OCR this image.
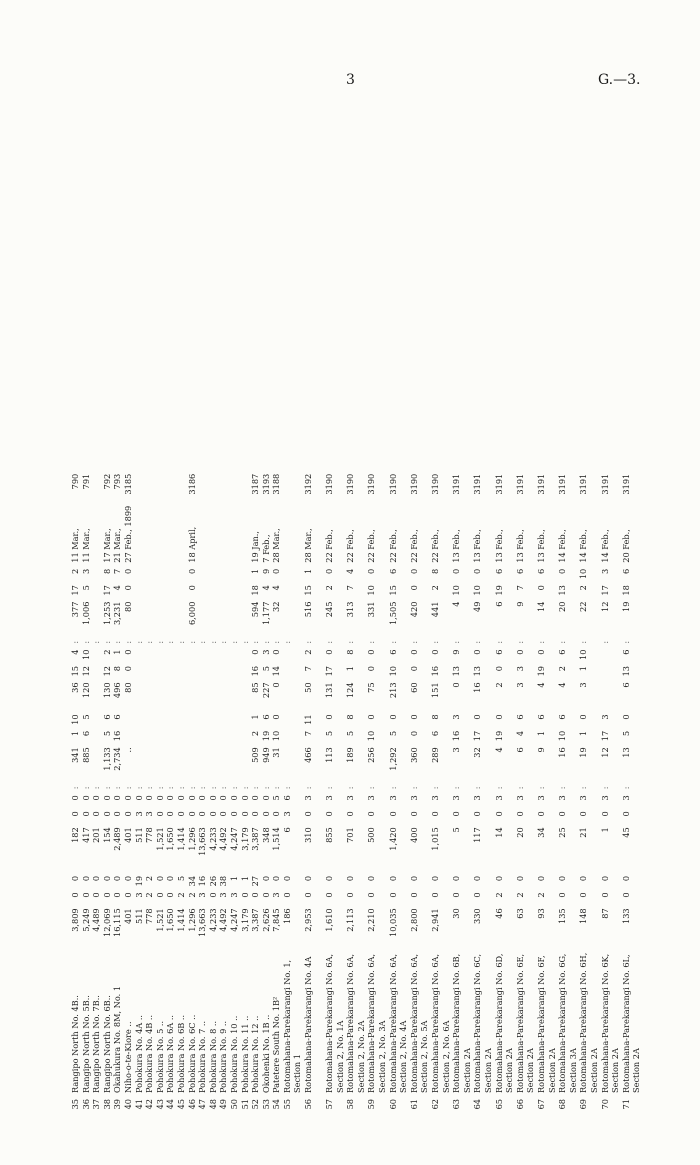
3	G.—3.
35	Rangipo North No. 4B..	3,809	0	0		182	0	0	:	341	1	10	36	15	4	:	377	17	2	11 Mar.,	790
36	Rangipo North No. 5B..	5,249	0	0		417	0	0	:	885	6	5	120	12	10	:	1,006	5	3	11 Mar.,	791
37	Rangipo North No. 7B..	4,489	0	0		201	0	0	:							:					
38	Rangipo North No. 6B..	12,069	0	0		154	0	0	:	1,133	5	6	130	12	2	:	1,253	17	8	17 Mar.,	792
39	Okahukura No. 8M, No. 1	16,115	0	0		2,489	0	0	:	2,734	16	6	496	8	1	:	3,231	4	7	21 Mar.,	793
40	Niho-o-te-Kiore ..	401	0	0		401	0	0	:	..			80	0	0	:	80	0	0	27 Feb., 1899	3185
41	Pohokura No. 4A ..	511	3	19		511	3	0	:							:					
42	Pohokura No. 4B ..	778	2	2		778	3	0	:							:					
43	Pohokura No. 5 ..	1,521	0	0		1,521	0	0	:							:					
44	Pohokura No. 6A ..	1,650	0	0		1,650	0	0	:							:					
45	Pohokura No. 6B ..	1,414	2	5		1,414	0	0	:							:					
46	Pohokura No. 6C ..	1,296	2	34		1,296	0	0	:							:	6,000	0	0	18 April,	3186
47	Pohokura No. 7 ..	13,663	3	16		13,663	0	0	:							:					
48	Pohokura No. 8 ..	4,233	0	26		4,233	0	0	:							:					
49	Pohokura No. 9 ..	4,492	3	38		4,492	0	0	:							:					
50	Pohokura No. 10 ..	4,247	3	1		4,247	0	0	:							:					
51	Pohokura No. 11 ..	3,179	0	1		3,179	0	0	:							:					
52	Pohokura No. 12 ..	3,387	0	27		3,387	0	0	:	509	2	1	85	16	0	:	594	18	1	19 Jan.,	3187
53	Okohenki No. 1B ..	2,626	0	0		348	0	0	:	949	19	6	227	5	3	:	1,177	4	9	7 Feb.,	3193
54	Patetere South No. 1B²	7,845	3	0		1,514	0	5	:	31	10	0	0	14	0	:	32	4	0	28 Mar.,	3188
55	Rotomahana-Parekarangi No. 1, Section 1	186	0	0		6	3	6	:							:					
56	Rotomahana-Parekarangi No. 4A	2,953	0	0		310	0	3	:	466	7	11	50	7	2	:	516	15	1	28 Mar.,	3192
57	Rotomahana-Parekarangi No. 6A, Section 2, No. 1A	1,610	0	0		855	0	3	:	113	5	0	131	17	0	:	245	2	0	22 Feb.,	3190
58	Rotomahana-Parekarangi No. 6A, Section 2, No. 2A	2,113	0	0		701	0	3	:	189	5	8	124	1	8	:	313	7	4	22 Feb.,	3190
59	Rotomahana-Parekarangi No. 6A, Section 2, No. 3A	2,210	0	0		500	0	3	:	256	10	0	75	0	0	:	331	10	0	22 Feb.,	3190
60	Rotomahana-Parekarangi No. 6A, Section 2, No. 4A	10,035	0	0		1,420	0	3	:	1,292	5	0	213	10	6	:	1,505	15	6	22 Feb.,	3190
61	Rotomahana-Parekarangi No. 6A, Section 2, No. 5A	2,800	0	0		400	0	3	:	360	0	0	60	0	0	:	420	0	0	22 Feb.,	3190
62	Rotomahana-Parekarangi No. 6A, Section 2, No. 6A	2,941	0	0		1,015	0	3	:	289	6	8	151	16	0	:	441	2	8	22 Feb.,	3190
63	Rotomahana-Parekarangi No. 6B, Section 2A	30	0	0		5	0	3	:	3	16	3	0	13	9	:	4	10	0	13 Feb.,	3191
64	Rotomahana-Parekarangi No. 6C, Section 2A	330	0	0		117	0	3	:	32	17	0	16	13	0	:	49	10	0	13 Feb.,	3191
65	Rotomahana-Parekarangi No. 6D, Section 2A	46	2	0		14	0	3	:	4	19	0	2	0	6	:	6	19	6	13 Feb.,	3191
66	Rotomahana-Parekarangi No. 6E, Section 2A	63	2	0		20	0	3	:	6	4	6	3	3	0	:	9	7	6	13 Feb.,	3191
67	Rotomahana-Parekarangi No. 6F, Section 2A	93	2	0		34	0	3	:	9	1	6	4	19	0	:	14	0	6	13 Feb.,	3191
68	Rotomahana-Parekarangi No. 6G, Section 3A	135	0	0		25	0	3	:	16	10	6	4	2	6	:	20	13	0	14 Feb.,	3191
69	Rotomahana-Parekarangi No. 6H, Section 2A	148	0	0		21	0	3	:	19	1	0	3	1	10	:	22	2	10	14 Feb.,	3191
70	Rotomahana-Parekarangi No. 6K, Section 2A	87	0	0		1	0	3	:	12	17	3				:	12	17	3	14 Feb.,	3191
71	Rotomahana-Parekarangi No. 6L, Section 2A	133	0	0		45	0	3	:	13	5	0	6	13	6	:	19	18	6	20 Feb.,	3191
